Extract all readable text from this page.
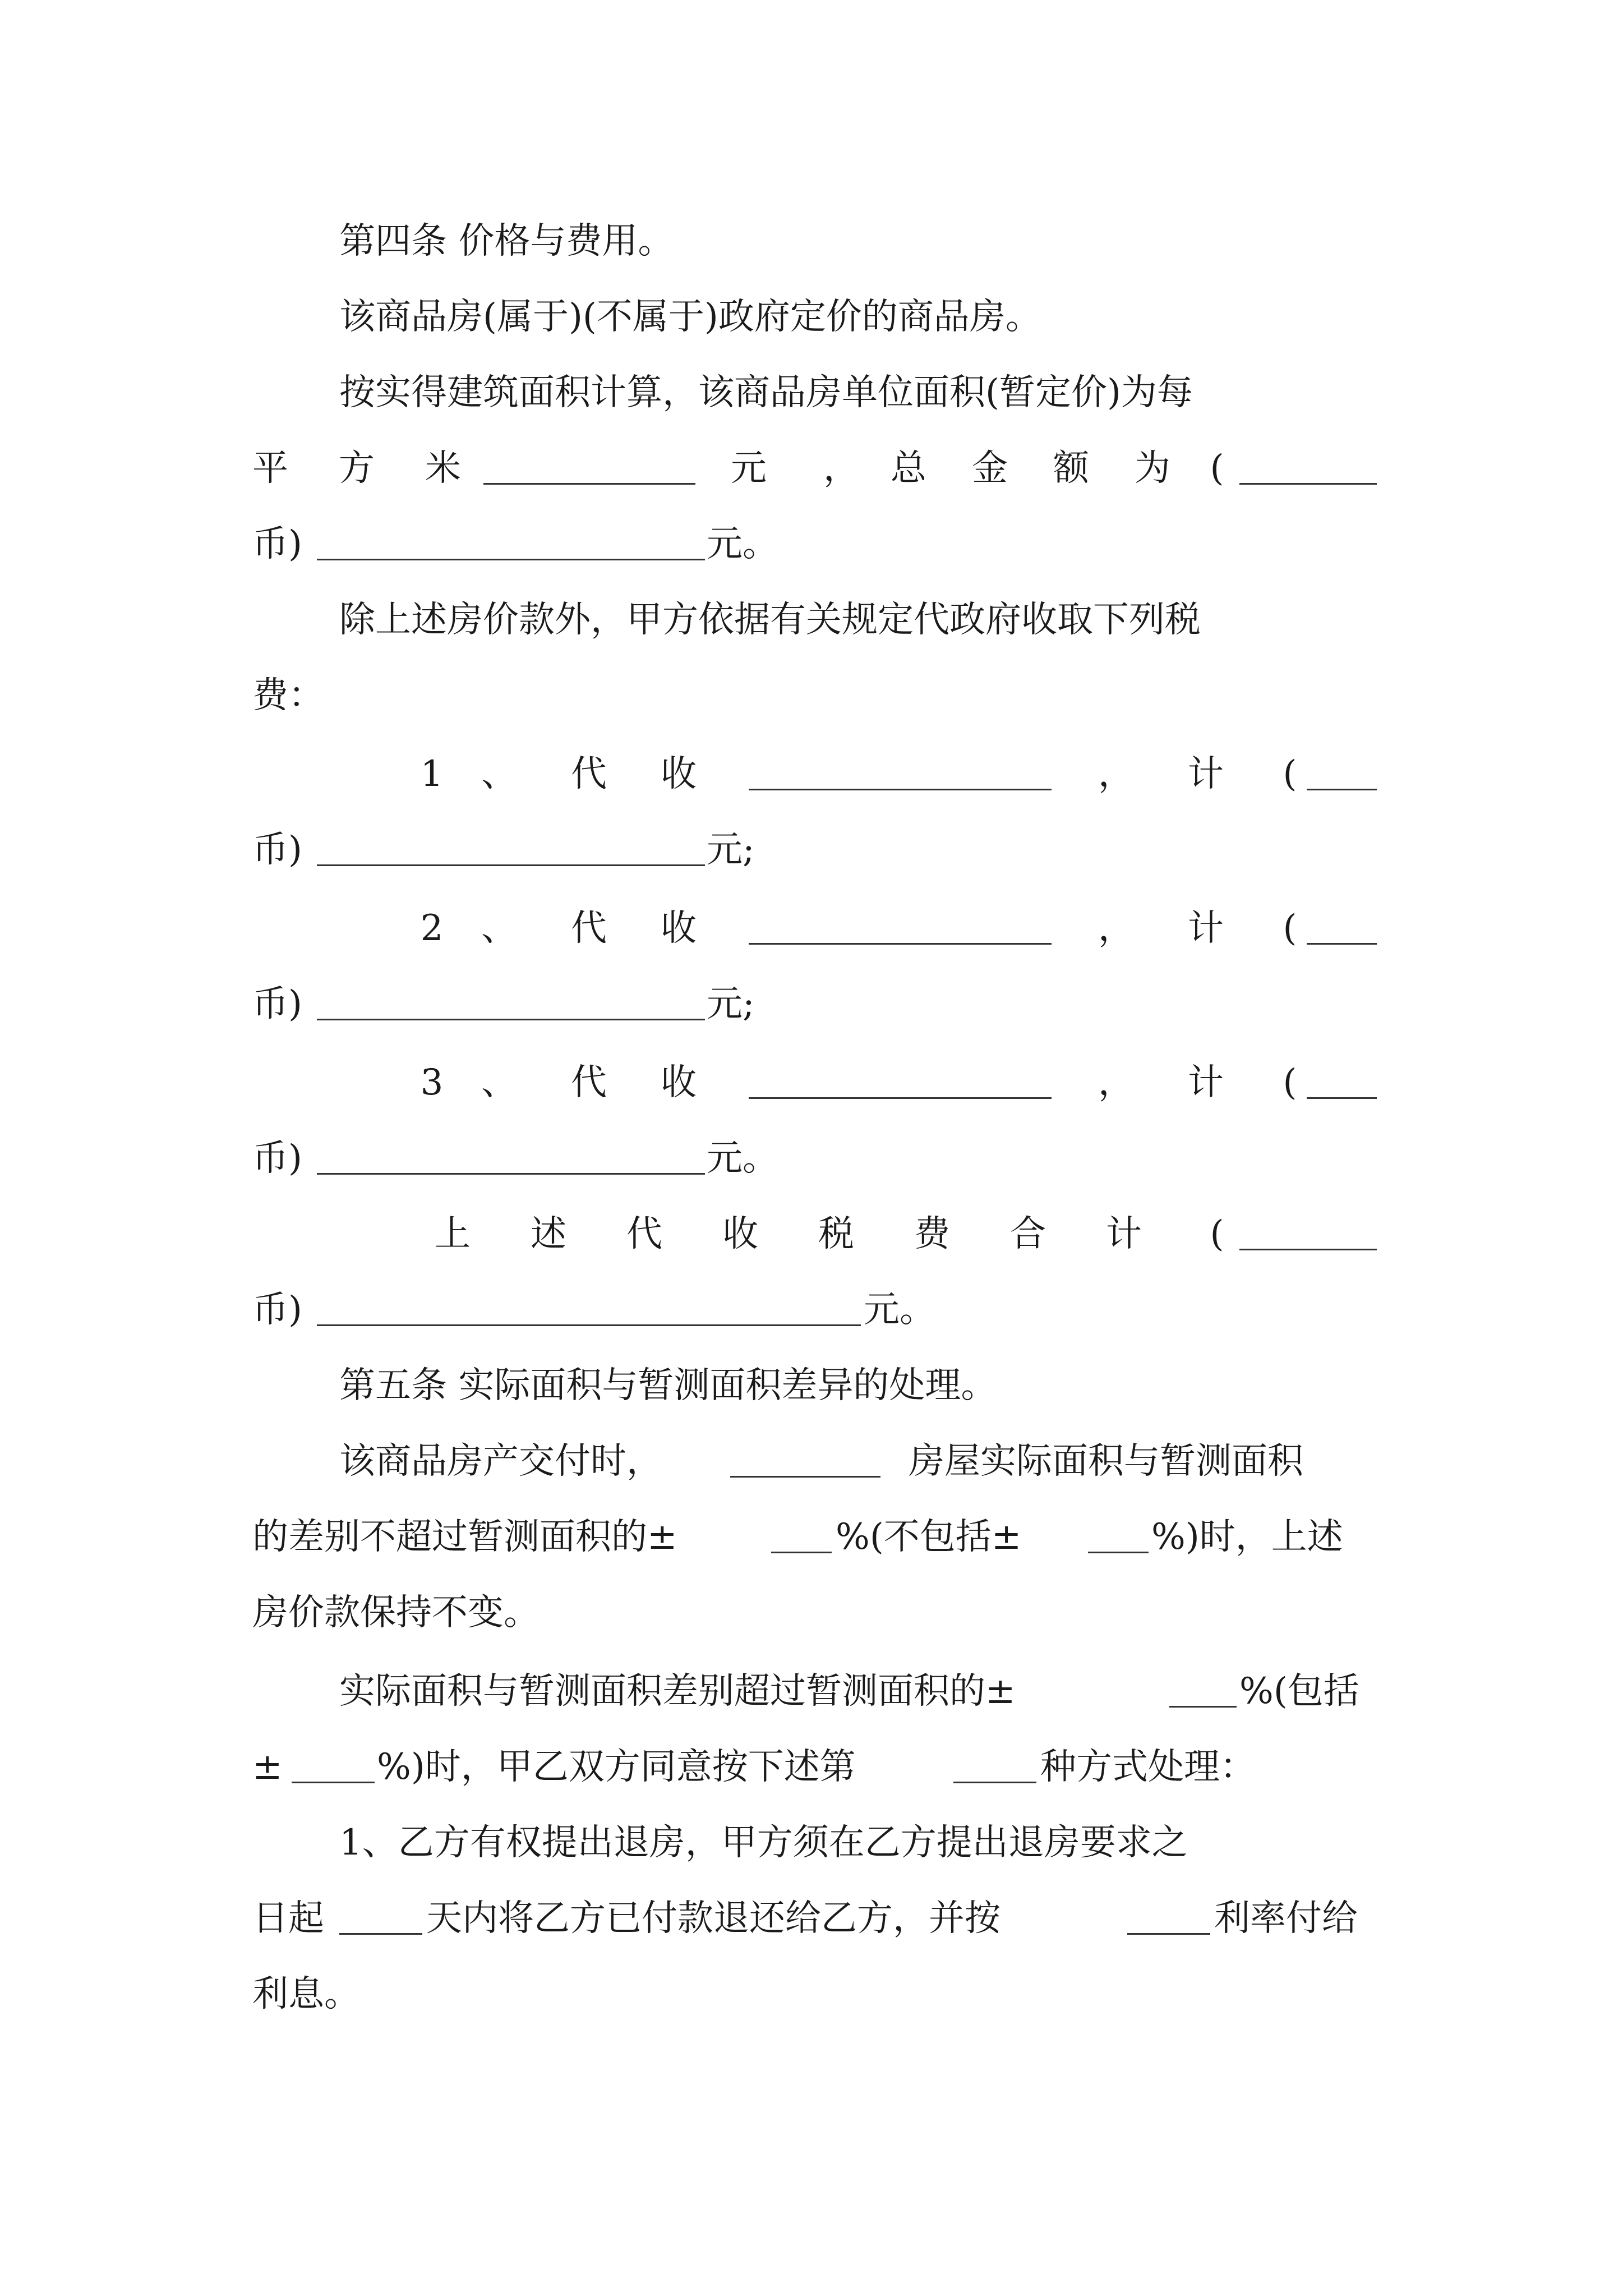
第四条 价格与费用。
该商品房(属于)(不属于)政府定价的商品房。
按实得建筑面积计算，该商品房单位面积(暂定价)为每
平方米	元 ， 总 金 额 为	(
币)	元。
除上述房价款外，甲方依据有关规定代政府收取下列税
费：
1	、 代 收	， 计	(
币)	元;
2	、 代 收	， 计	(
币)	元;
3	、 代 收	， 计	(
币)	元。
上述代收税费合计 (
币)	元。
第五条 实际面积与暂测面积差异的处理。
该商品房产交付时，	房屋实际面积与暂测面积
的差别不超过暂测面积的±	%(不包括±	%)时，上述
房价款保持不变。
实际面积与暂测面积差别超过暂测面积的±	%(包括
±	%)时，甲乙双方同意按下述第	种方式处理：
1、乙方有权提出退房，甲方须在乙方提出退房要求之
日起	天内将乙方已付款退还给乙方，并按	利率付给
利息。
